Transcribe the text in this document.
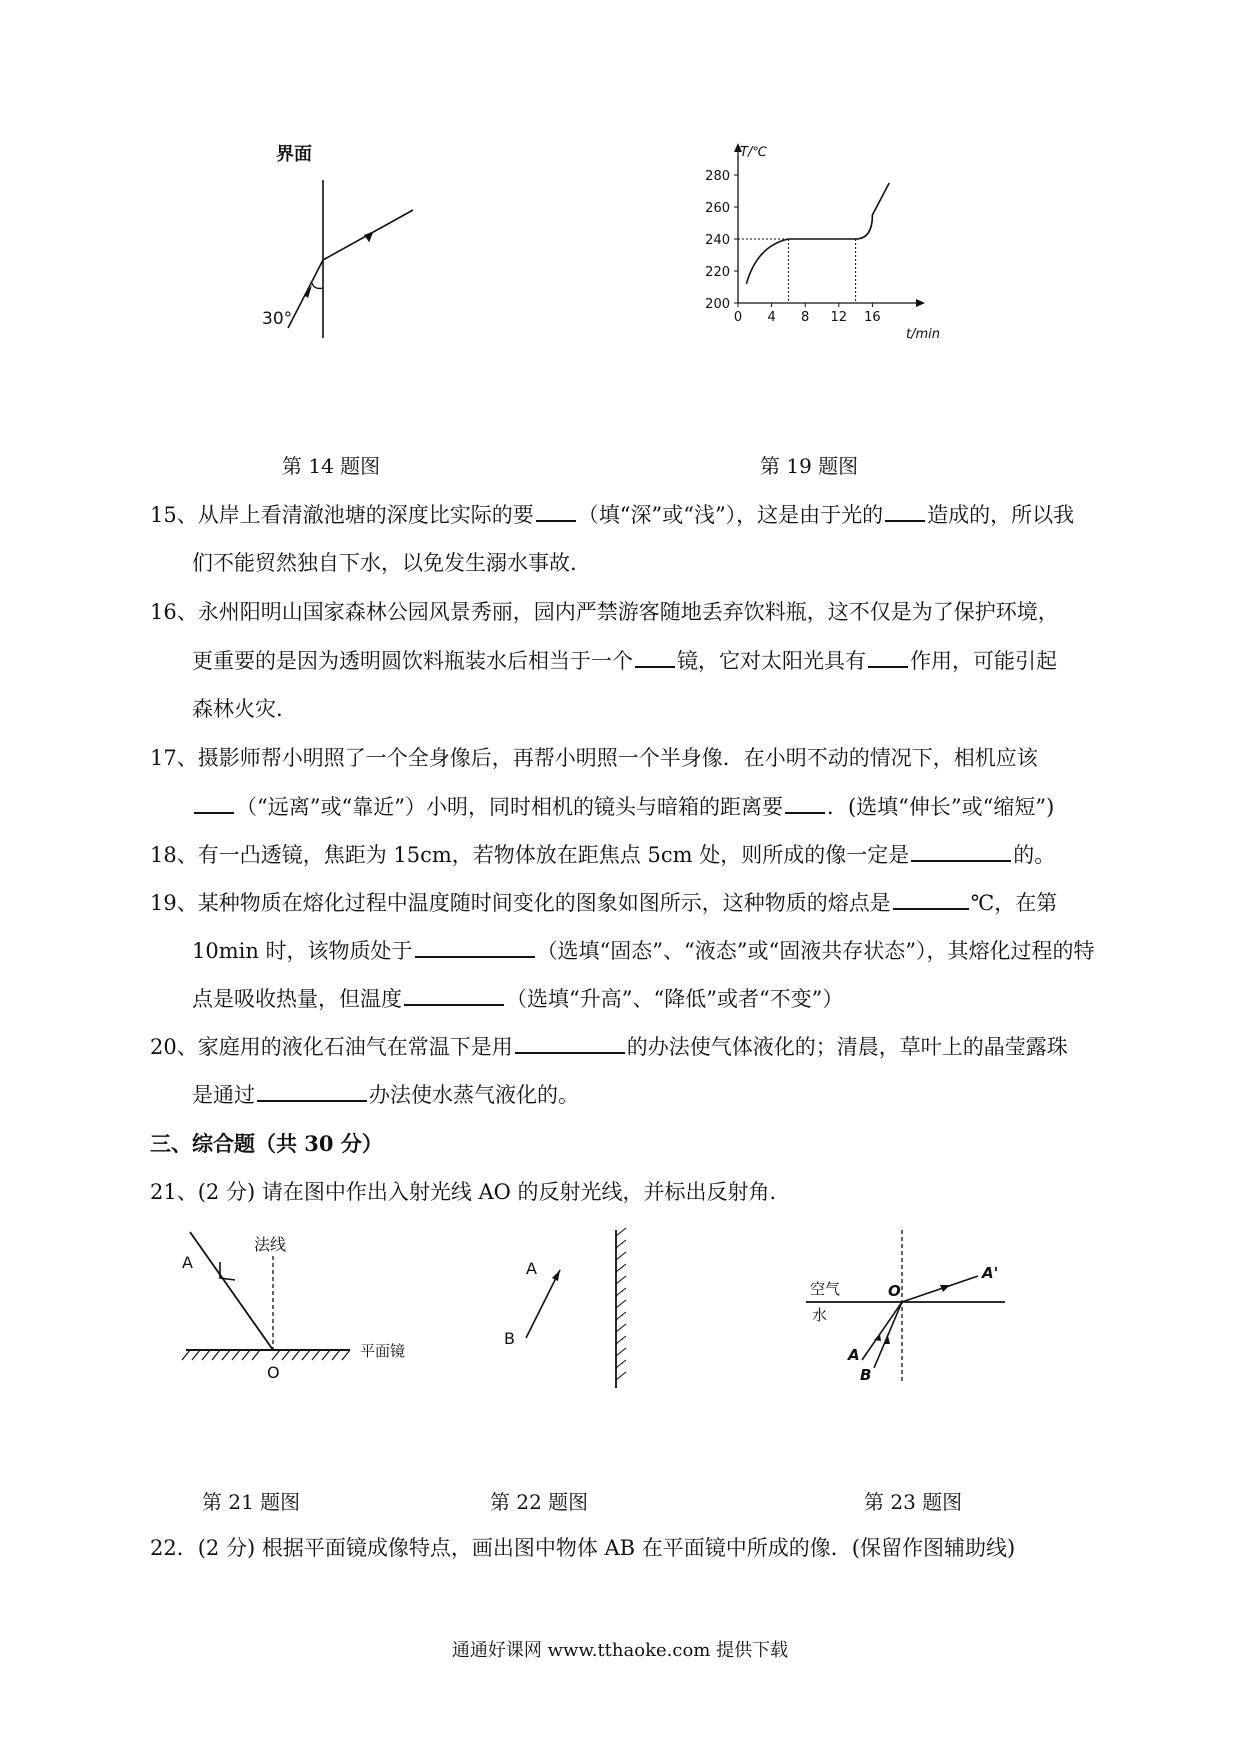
界面
30°
T/℃
t/min
280
260
240
220
200
0 4 8 12 16
第 14 题图	第 19 题图
15、从岸上看清澈池塘的深度比实际的要 （填“深”或“浅”），这是由于光的 造成的，所以我
们不能贸然独自下水，以免发生溺水事故.
16、永州阳明山国家森林公园风景秀丽，园内严禁游客随地丢弃饮料瓶，这不仅是为了保护环境，
更重要的是因为透明圆饮料瓶装水后相当于一个 镜，它对太阳光具有 作用，可能引起
森林火灾.
17、摄影师帮小明照了一个全身像后，再帮小明照一个半身像．在小明不动的情况下，相机应该
（“远离”或“靠近”）小明，同时相机的镜头与暗箱的距离要 ．(选填“伸长”或“缩短”)
18、有一凸透镜，焦距为 15cm，若物体放在距焦点 5cm 处，则所成的像一定是	的。
19、某种物质在熔化过程中温度随时间变化的图象如图所示，这种物质的熔点是	℃，在第
10min 时，该物质处于	（选填“固态”、“液态”或“固液共存状态”），其熔化过程的特
点是吸收热量，但温度	（选填“升高”、“降低”或者“不变”）
20、家庭用的液化石油气在常温下是用	的办法使气体液化的；清晨，草叶上的晶莹露珠
是通过	办法使水蒸气液化的。
三、综合题（共 30 分）
21、(2 分) 请在图中作出入射光线 AO 的反射光线，并标出反射角.
A
法线
O
平面镜
A
B
空气
水
O
A'
A
B
第 21 题图	第 22 题图	第 23 题图
22．(2 分) 根据平面镜成像特点，画出图中物体 AB 在平面镜中所成的像．(保留作图辅助线)
通通好课网 www.tthaoke.com 提供下载
